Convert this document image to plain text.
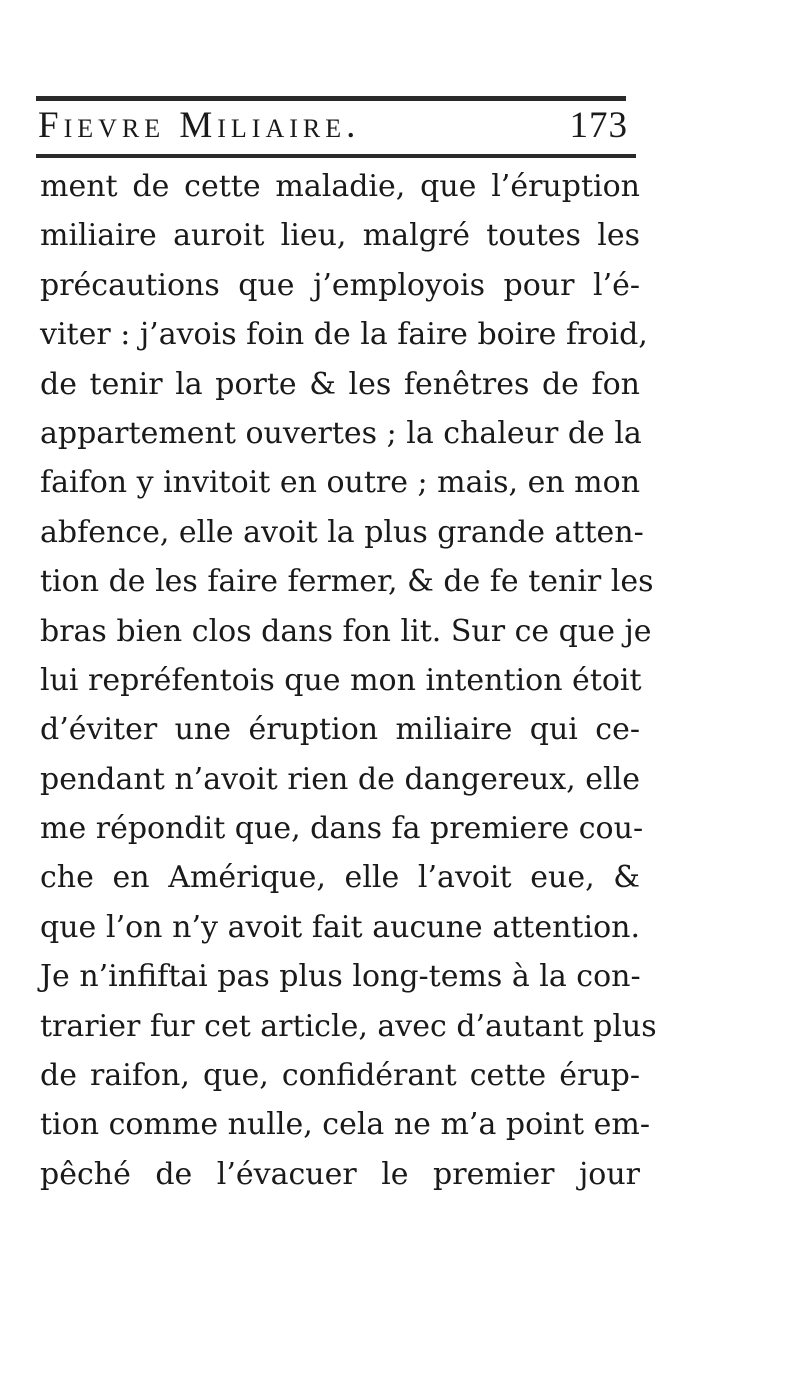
Fievre Miliaire.	173
ment de cette maladie, que l’éruption
miliaire auroit lieu, malgré toutes les
précautions que j’employois pour l’é-
viter : j’avois foin de la faire boire froid,
de tenir la porte & les fenêtres de fon
appartement ouvertes ; la chaleur de la
faifon y invitoit en outre ; mais, en mon
abfence, elle avoit la plus grande atten-
tion de les faire fermer, & de fe tenir les
bras bien clos dans fon lit. Sur ce que je
lui repréfentois que mon intention étoit
d’éviter une éruption miliaire qui ce-
pendant n’avoit rien de dangereux, elle
me répondit que, dans fa premiere cou-
che en Amérique, elle l’avoit eue, &
que l’on n’y avoit fait aucune attention.
Je n’infiftai pas plus long-tems à la con-
trarier fur cet article, avec d’autant plus
de raifon, que, confidérant cette érup-
tion comme nulle, cela ne m’a point em-
pêché de l’évacuer le premier jour
